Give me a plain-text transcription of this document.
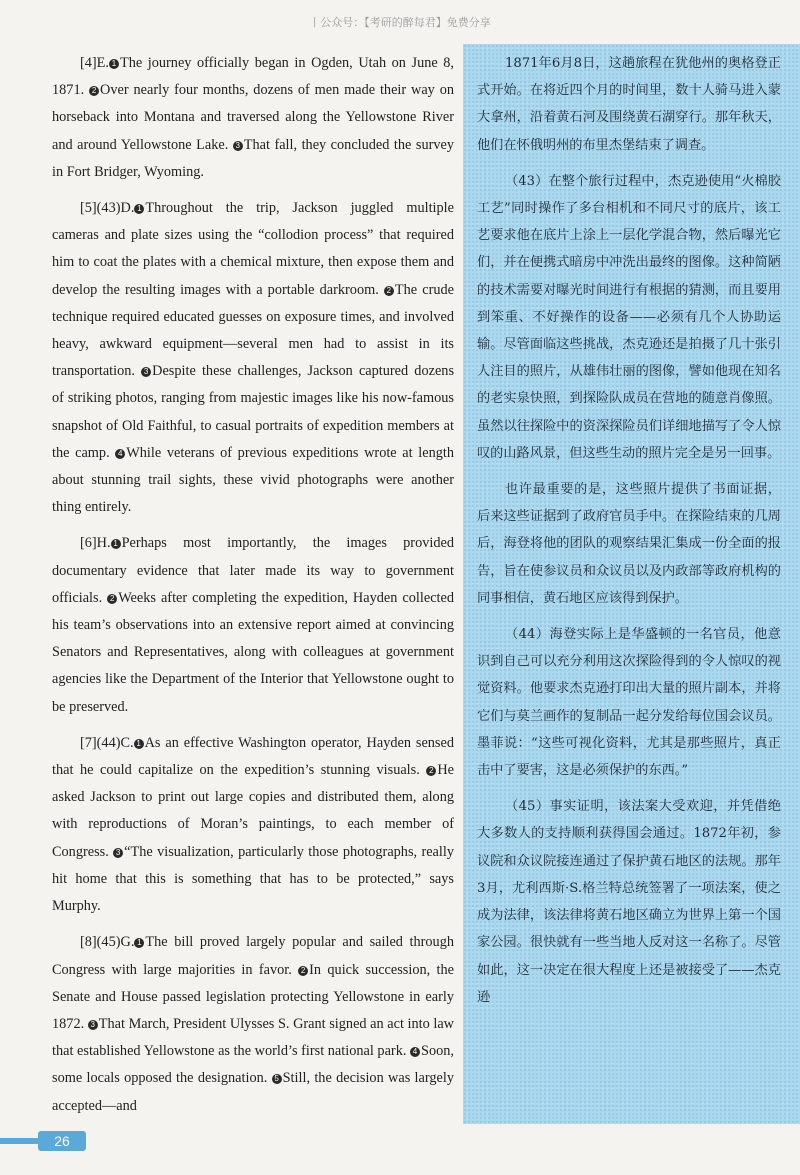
丨公众号：【考研的醉每君】免费分享

[4]E. 1 The journey officially began in Ogden, Utah on June 8, 1871. 2 Over nearly four months, dozens of men made their way on horseback into Montana and traversed along the Yellowstone River and around Yellowstone Lake. 3 That fall, they concluded the survey in Fort Bridger, Wyoming.

[5](43)D. 1 Throughout the trip, Jackson juggled multiple cameras and plate sizes using the “collodion process” that required him to coat the plates with a chemical mixture, then expose them and develop the resulting images with a portable darkroom. 2 The crude technique required educated guesses on exposure times, and involved heavy, awkward equipment—several men had to assist in its transportation. 3 Despite these challenges, Jackson captured dozens of striking photos, ranging from majestic images like his now-famous snapshot of Old Faithful, to casual portraits of expedition members at the camp. 4 While veterans of previous expeditions wrote at length about stunning trail sights, these vivid photographs were another thing entirely.

[6]H. 1 Perhaps most importantly, the images provided documentary evidence that later made its way to government officials. 2 Weeks after completing the expedition, Hayden collected his team’s observations into an extensive report aimed at convincing Senators and Representatives, along with colleagues at government agencies like the Department of the Interior that Yellowstone ought to be preserved.

[7](44)C. 1 As an effective Washington operator, Hayden sensed that he could capitalize on the expedition’s stunning visuals. 2 He asked Jackson to print out large copies and distributed them, along with reproductions of Moran’s paintings, to each member of Congress. 3 “The visualization, particularly those photographs, really hit home that this is something that has to be protected,” says Murphy.

[8](45)G. 1 The bill proved largely popular and sailed through Congress with large majorities in favor. 2 In quick succession, the Senate and House passed legislation protecting Yellowstone in early 1872. 3 That March, President Ulysses S. Grant signed an act into law that established Yellowstone as the world’s first national park. 4 Soon, some locals opposed the designation. 5 Still, the decision was largely accepted—and

1871年6月8日，这趟旅程在犹他州的奥格登正式开始。在将近四个月的时间里，数十人骑马进入蒙大拿州，沿着黄石河及围绕黄石湖穿行。那年秋天，他们在怀俄明州的布里杰堡结束了调查。

（43）在整个旅行过程中，杰克逊使用“火棉胶工艺”同时操作了多台相机和不同尺寸的底片，该工艺要求他在底片上涂上一层化学混合物，然后曝光它们，并在便携式暗房中冲洗出最终的图像。这种简陋的技术需要对曝光时间进行有根据的猜测，而且要用到笨重、不好操作的设备——必须有几个人协助运输。尽管面临这些挑战，杰克逊还是拍摄了几十张引人注目的照片，从雄伟壮丽的图像，譬如他现在知名的老实泉快照，到探险队成员在营地的随意肖像照。虽然以往探险中的资深探险员们详细地描写了令人惊叹的山路风景，但这些生动的照片完全是另一回事。

也许最重要的是，这些照片提供了书面证据，后来这些证据到了政府官员手中。在探险结束的几周后，海登将他的团队的观察结果汇集成一份全面的报告，旨在使参议员和众议员以及内政部等政府机构的同事相信，黄石地区应该得到保护。

（44）海登实际上是华盛顿的一名官员，他意识到自己可以充分利用这次探险得到的令人惊叹的视觉资料。他要求杰克逊打印出大量的照片副本，并将它们与莫兰画作的复制品一起分发给每位国会议员。墨菲说：“这些可视化资料，尤其是那些照片，真正击中了要害，这是必须保护的东西。”

（45）事实证明，该法案大受欢迎，并凭借绝大多数人的支持顺利获得国会通过。1872年初，参议院和众议院接连通过了保护黄石地区的法规。那年3月，尤利西斯·S.格兰特总统签署了一项法案，使之成为法律，该法律将黄石地区确立为世界上第一个国家公园。很快就有一些当地人反对这一名称了。尽管如此，这一决定在很大程度上还是被接受了——杰克逊

26
